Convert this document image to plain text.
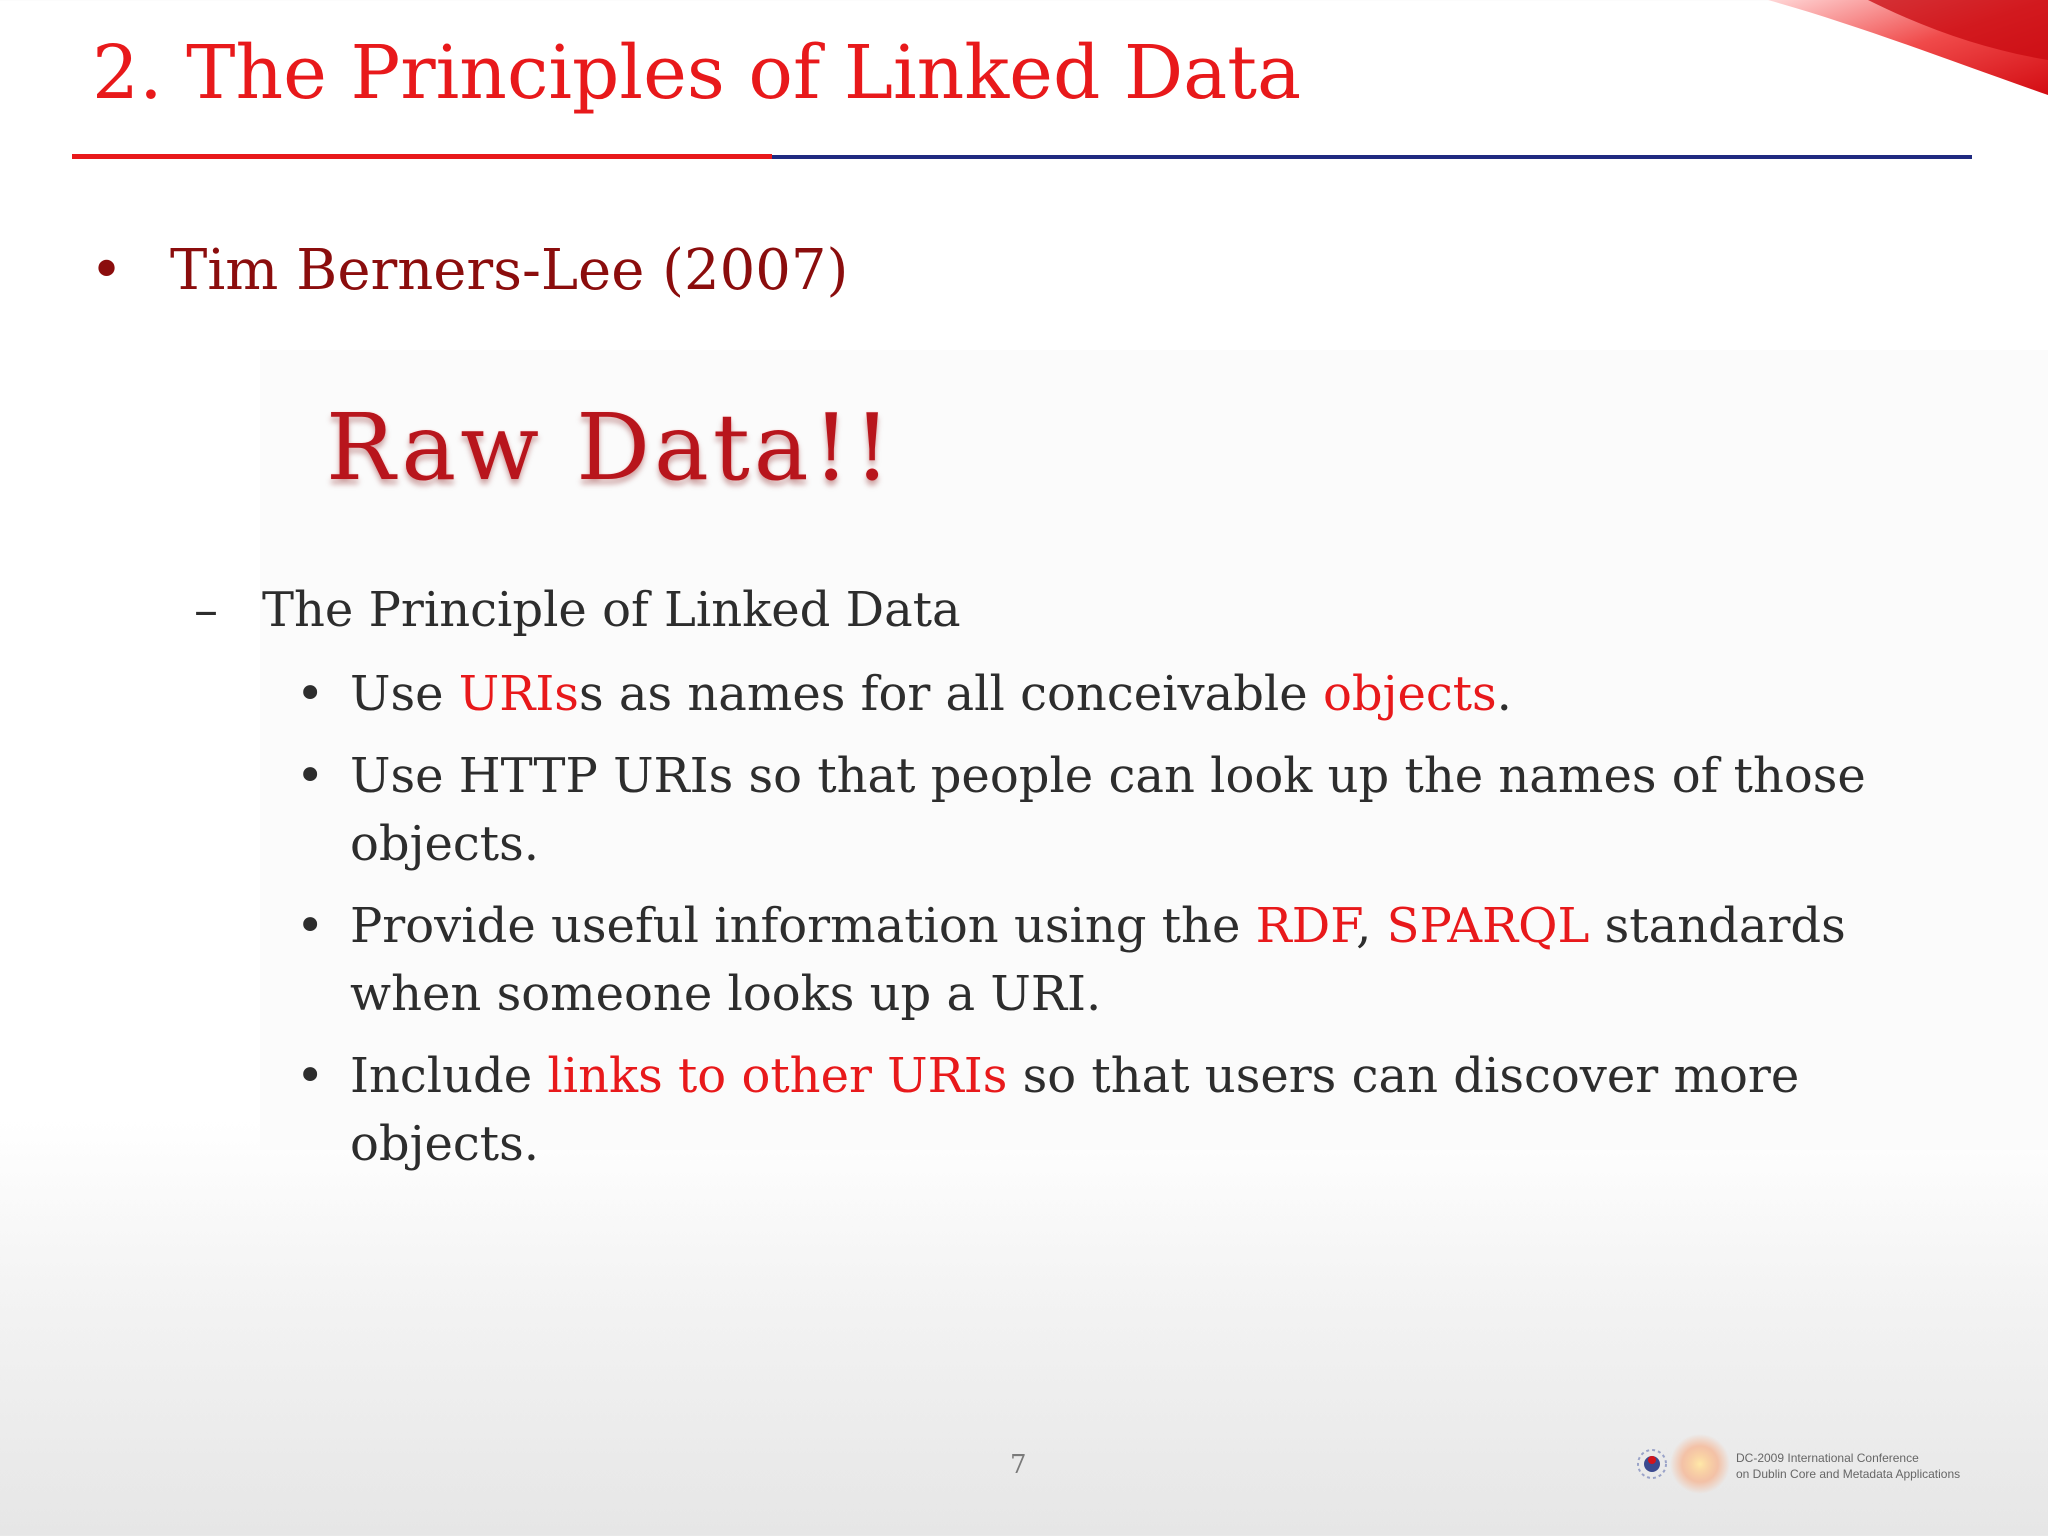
2. The Principles of Linked Data
• Tim Berners-Lee (2007)
Raw Data!!
– The Principle of Linked Data
• Use URIss as names for all conceivable objects.
• Use HTTP URIs so that people can look up the names of those objects.
• Provide useful information using the RDF, SPARQL standards when someone looks up a URI.
• Include links to other URIs so that users can discover more objects.
7	DC-2009 International Conference
on Dublin Core and Metadata Applications
